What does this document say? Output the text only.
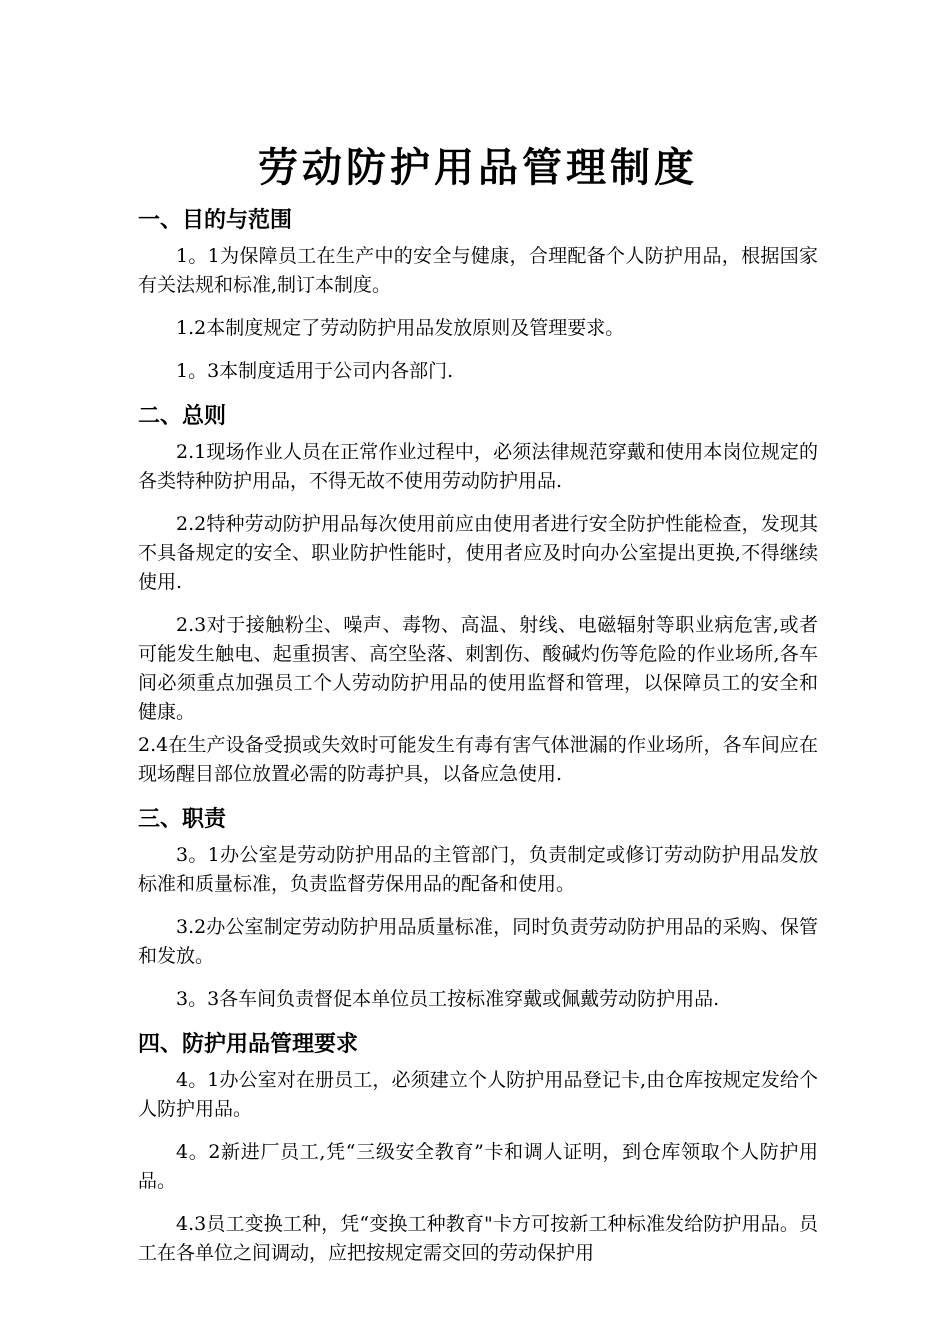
劳动防护用品管理制度
一、目的与范围

1。1为保障员工在生产中的安全与健康，合理配备个人防护用品，根据国家有关法规和标准,制订本制度。

1.2本制度规定了劳动防护用品发放原则及管理要求。

1。3本制度适用于公司内各部门.

二、总则

2.1现场作业人员在正常作业过程中，必须法律规范穿戴和使用本岗位规定的各类特种防护用品，不得无故不使用劳动防护用品.

2.2特种劳动防护用品每次使用前应由使用者进行安全防护性能检查，发现其不具备规定的安全、职业防护性能时，使用者应及时向办公室提出更换,不得继续使用.

2.3对于接触粉尘、噪声、毒物、高温、射线、电磁辐射等职业病危害,或者可能发生触电、起重损害、高空坠落、刺割伤、酸碱灼伤等危险的作业场所,各车间必须重点加强员工个人劳动防护用品的使用监督和管理，以保障员工的安全和健康。

2.4在生产设备受损或失效时可能发生有毒有害气体泄漏的作业场所，各车间应在现场醒目部位放置必需的防毒护具，以备应急使用.

三、职责

3。1办公室是劳动防护用品的主管部门，负责制定或修订劳动防护用品发放标准和质量标准，负责监督劳保用品的配备和使用。

3.2办公室制定劳动防护用品质量标准，同时负责劳动防护用品的采购、保管和发放。

3。3各车间负责督促本单位员工按标准穿戴或佩戴劳动防护用品.

四、防护用品管理要求

4。1办公室对在册员工，必须建立个人防护用品登记卡,由仓库按规定发给个人防护用品。

4。2新进厂员工,凭“三级安全教育”卡和调人证明，到仓库领取个人防护用品。

4.3员工变换工种，凭“变换工种教育"卡方可按新工种标准发给防护用品。员工在各单位之间调动，应把按规定需交回的劳动保护用
